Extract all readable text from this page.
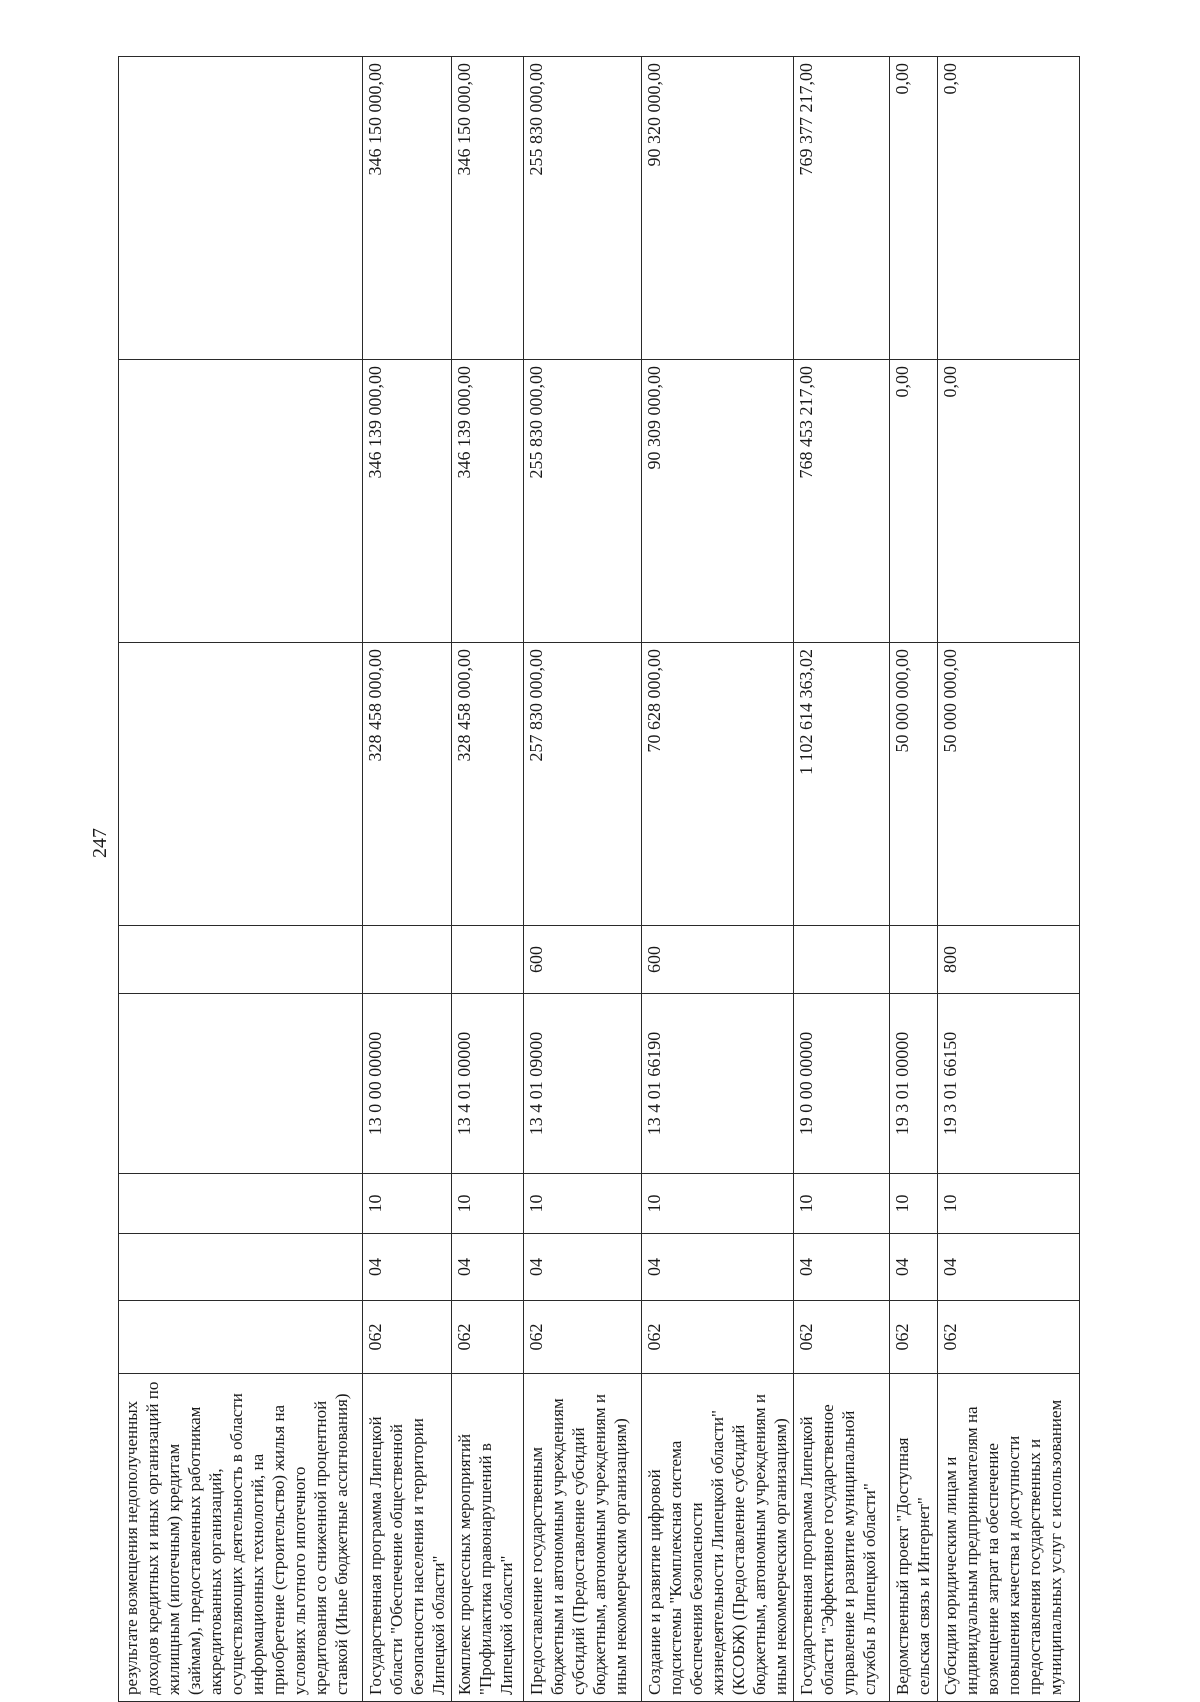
247
результате возмещения недополученных доходов кредитных и иных организаций по жилищным (ипотечным) кредитам (займам), предоставленных работникам аккредитованных организаций, осуществляющих деятельность в области информационных технологий, на приобретение (строительство) жилья на условиях льготного ипотечного кредитования со сниженной процентной ставкой (Иные бюджетные ассигнования)								
Государственная программа Липецкой области "Обеспечение общественной безопасности населения и территории Липецкой области"	062	04	10	13 0 00 00000		328 458 000,00	346 139 000,00	346 150 000,00
Комплекс процессных мероприятий "Профилактика правонарушений в Липецкой области"	062	04	10	13 4 01 00000		328 458 000,00	346 139 000,00	346 150 000,00
Предоставление государственным бюджетным и автономным учреждениям субсидий (Предоставление субсидий бюджетным, автономным учреждениям и иным некоммерческим организациям)	062	04	10	13 4 01 09000	600	257 830 000,00	255 830 000,00	255 830 000,00
Создание и развитие цифровой подсистемы "Комплексная система обеспечения безопасности жизнедеятельности Липецкой области" (КСОБЖ) (Предоставление субсидий бюджетным, автономным учреждениям и иным некоммерческим организациям)	062	04	10	13 4 01 66190	600	70 628 000,00	90 309 000,00	90 320 000,00
Государственная программа Липецкой области "Эффективное государственное управление и развитие муниципальной службы в Липецкой области"	062	04	10	19 0 00 00000		1 102 614 363,02	768 453 217,00	769 377 217,00
Ведомственный проект "Доступная сельская связь и Интернет"	062	04	10	19 3 01 00000		50 000 000,00	0,00	0,00
Субсидии юридическим лицам и индивидуальным предпринимателям на возмещение затрат на обеспечение повышения качества и доступности предоставления государственных и муниципальных услуг с использованием	062	04	10	19 3 01 66150	800	50 000 000,00	0,00	0,00
